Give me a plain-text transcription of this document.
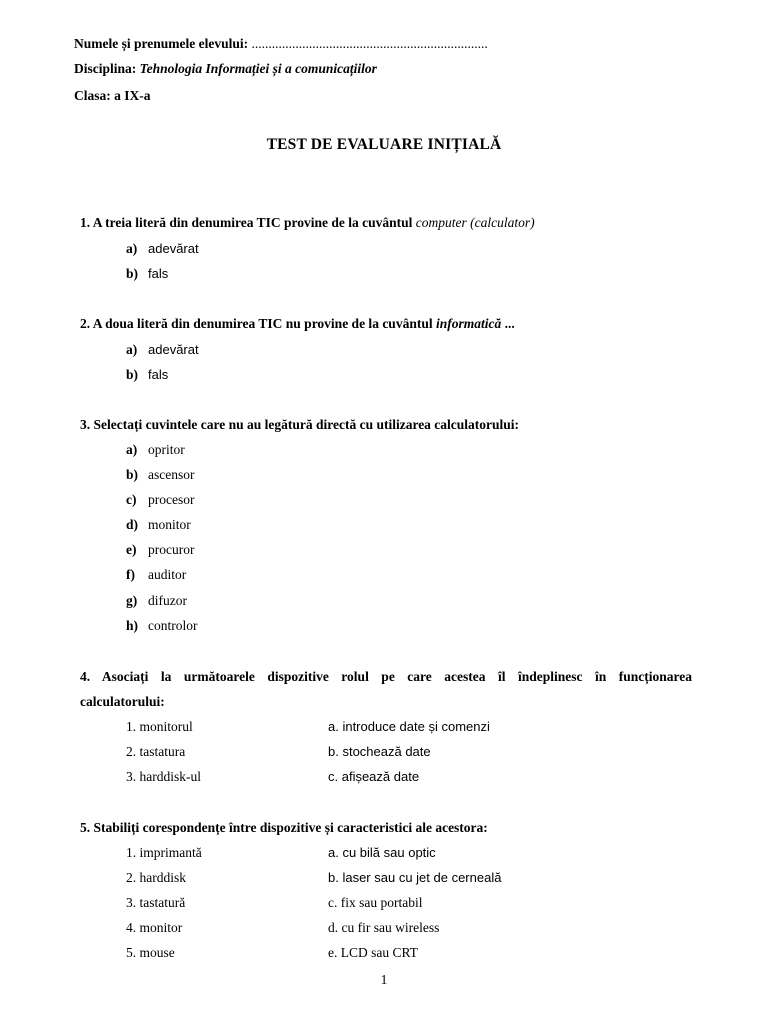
Numele și prenumele elevului: ......................................................................
Disciplina: Tehnologia Informației și a comunicațiilor
Clasa: a IX-a
TEST DE EVALUARE INIȚIALĂ
1. A treia literă din denumirea TIC provine de la cuvântul computer (calculator)
a) adevărat
b) fals
2. A doua literă din denumirea TIC nu provine de la cuvântul informatică ...
a) adevărat
b) fals
3. Selectați cuvintele care nu au legătură directă cu utilizarea calculatorului:
a) opritor
b) ascensor
c) procesor
d) monitor
e) procuror
f) auditor
g) difuzor
h) controlor
4. Asociați la următoarele dispozitive rolul pe care acestea îl îndeplinesc în funcționarea
calculatorului:
1. monitorul
2. tastatura
3. harddisk-ul
a. introduce date și comenzi
b. stochează date
c. afișează date
5. Stabiliți corespondențe între dispozitive și caracteristici ale acestora:
1. imprimantă
2. harddisk
3. tastatură
4. monitor
5. mouse
a. cu bilă sau optic
b. laser sau cu jet de cerneală
c. fix sau portabil
d. cu fir sau wireless
e. LCD sau CRT
1
